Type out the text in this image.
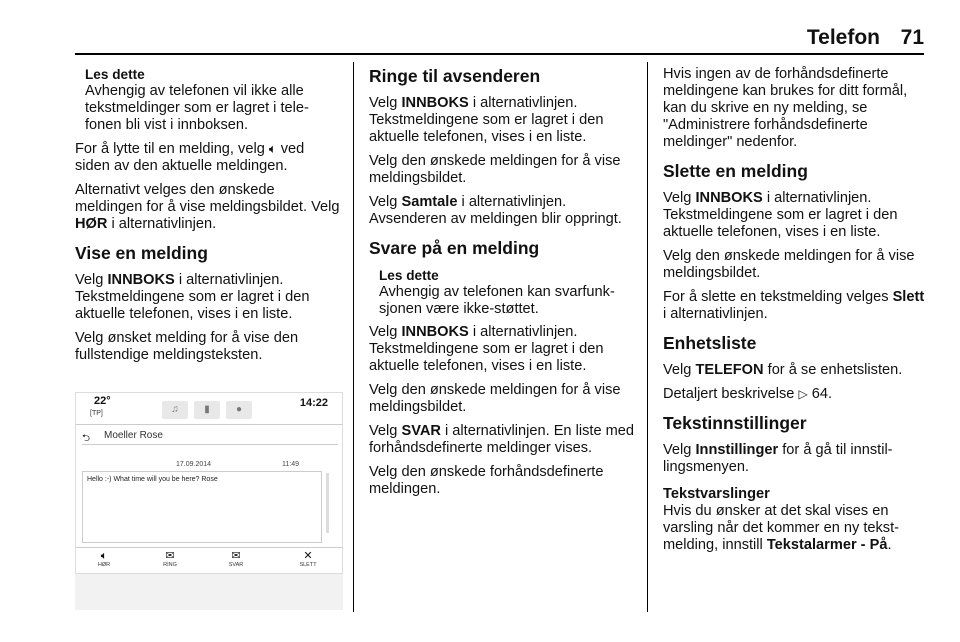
Telefon 71
Les dette
Avhengig av telefonen vil ikke alle tekstmeldinger som er lagret i tele-fonen bli vist i innboksen.
For å lytte til en melding, velg 🔈︎ ved siden av den aktuelle meldingen.
Alternativt velges den ønskede meldingen for å vise meldingsbildet. Velg HØR i alternativlinjen.
Vise en melding
Velg INNBOKS i alternativlinjen. Tekstmeldingene som er lagret i den aktuelle telefonen, vises i en liste.
Velg ønsket melding for å vise den fullstendige meldingsteksten.
22°
[TP]	♫	▮	●
14:22
⮌ Moeller Rose
17.09.2014	11:49
Hello :-) What time will you be here? Rose
🔈︎
HØR
✉︎
RING
✉︎
SVAR
✕
SLETT
Ringe til avsenderen
Velg INNBOKS i alternativlinjen. Tekstmeldingene som er lagret i den aktuelle telefonen, vises i en liste.
Velg den ønskede meldingen for å vise meldingsbildet.
Velg Samtale i alternativlinjen. Avsenderen av meldingen blir oppringt.
Svare på en melding
Les dette
Avhengig av telefonen kan svarfunk-sjonen være ikke-støttet.
Velg INNBOKS i alternativlinjen. Tekstmeldingene som er lagret i den aktuelle telefonen, vises i en liste.
Velg den ønskede meldingen for å vise meldingsbildet.
Velg SVAR i alternativlinjen. En liste med forhåndsdefinerte meldinger vises.
Velg den ønskede forhåndsdefinerte meldingen.
Hvis ingen av de forhåndsdefinerte meldingene kan brukes for ditt formål, kan du skrive en ny melding, se "Administrere forhåndsdefinerte meldinger" nedenfor.
Slette en melding
Velg INNBOKS i alternativlinjen. Tekstmeldingene som er lagret i den aktuelle telefonen, vises i en liste.
Velg den ønskede meldingen for å vise meldingsbildet.
For å slette en tekstmelding velges Slett i alternativlinjen.
Enhetsliste
Velg TELEFON for å se enhetslisten.
Detaljert beskrivelse ▷ 64.
Tekstinnstillinger
Velg Innstillinger for å gå til innstil-lingsmenyen.
Tekstvarslinger
Hvis du ønsker at det skal vises en varsling når det kommer en ny tekst-melding, innstill Tekstalarmer - På.
